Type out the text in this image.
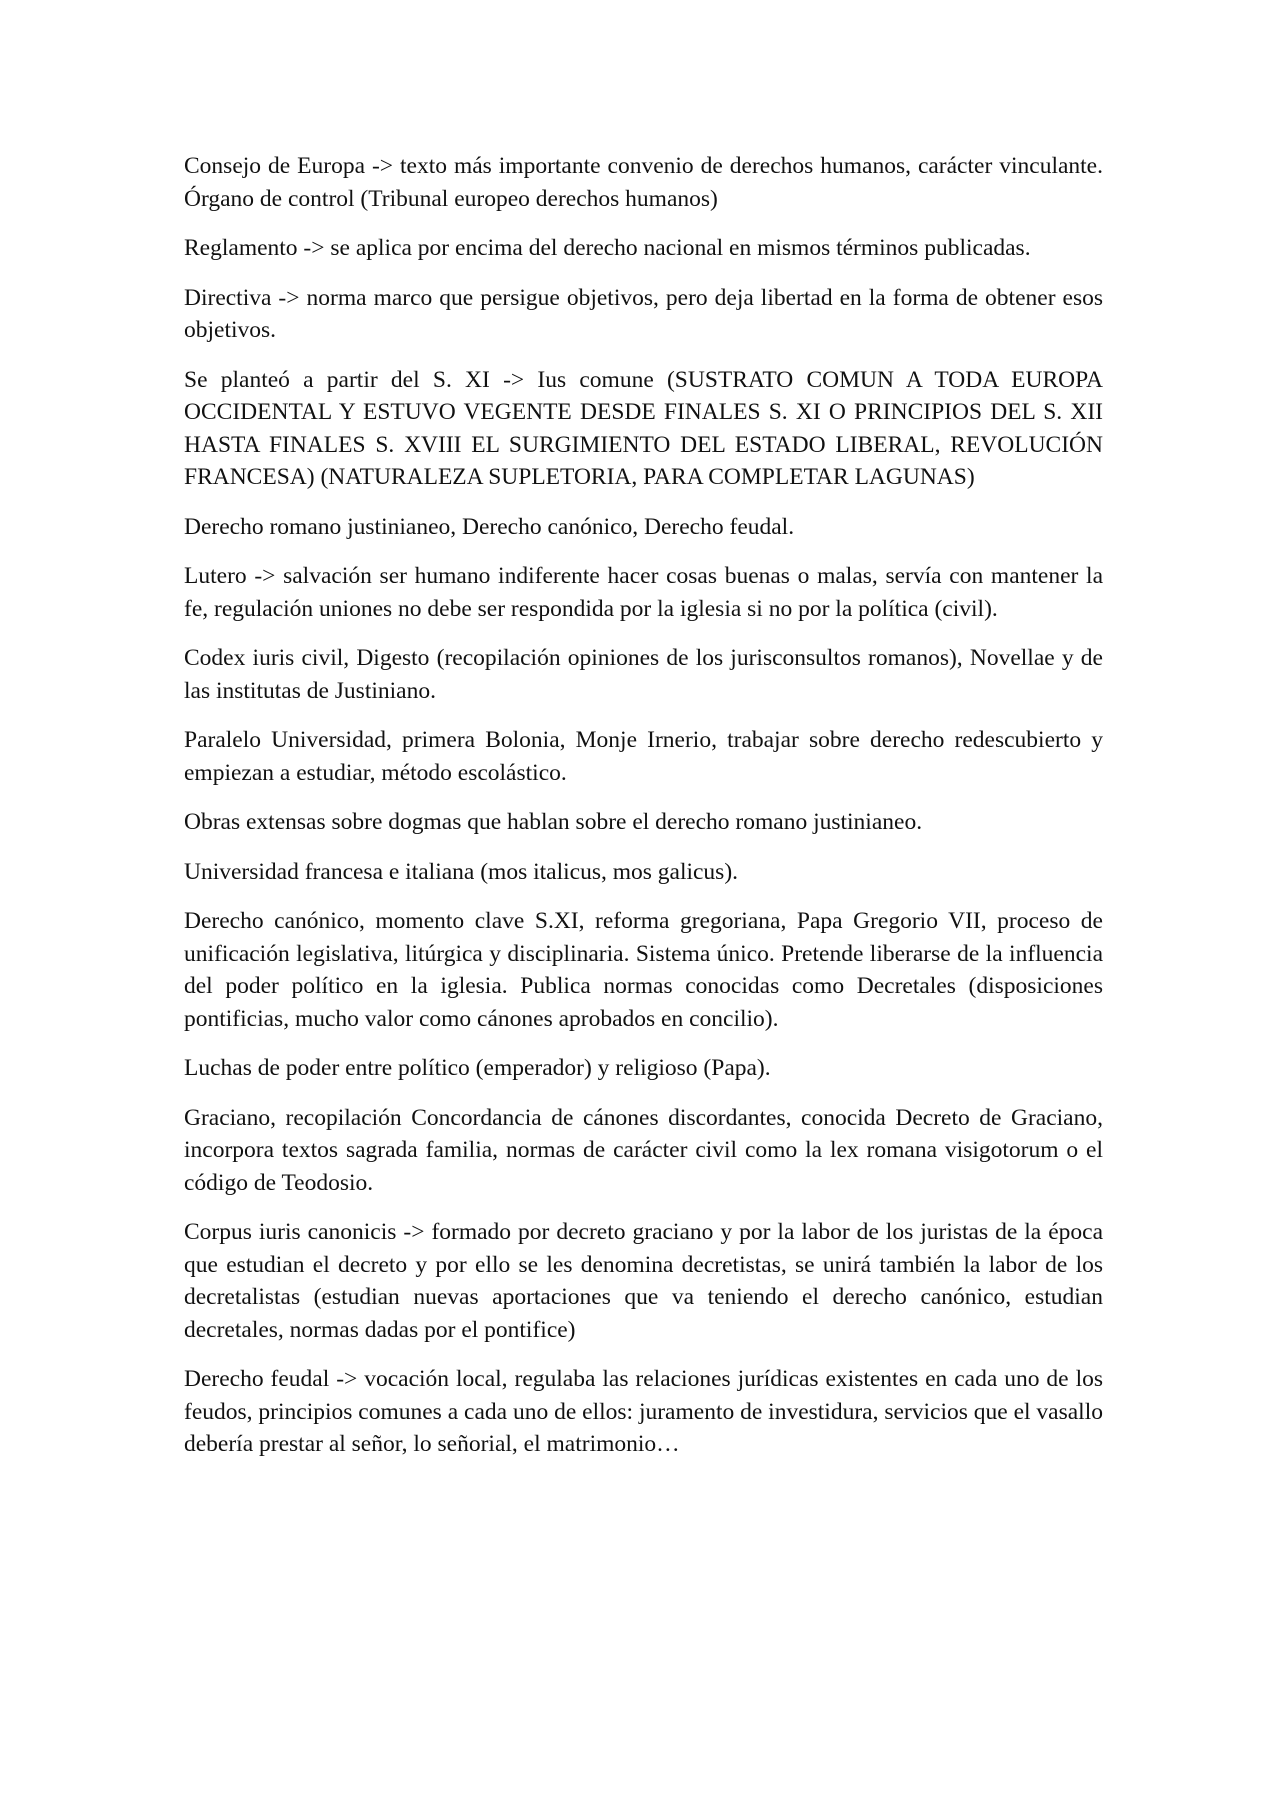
Consejo de Europa -> texto más importante convenio de derechos humanos, carácter vinculante. Órgano de control (Tribunal europeo derechos humanos)

Reglamento -> se aplica por encima del derecho nacional en mismos términos publicadas.

Directiva -> norma marco que persigue objetivos, pero deja libertad en la forma de obtener esos objetivos.

Se planteó a partir del S. XI -> Ius comune (SUSTRATO COMUN A TODA EUROPA OCCIDENTAL Y ESTUVO VEGENTE DESDE FINALES S. XI O PRINCIPIOS DEL S. XII HASTA FINALES S. XVIII EL SURGIMIENTO DEL ESTADO LIBERAL, REVOLUCIÓN FRANCESA) (NATURALEZA SUPLETORIA, PARA COMPLETAR LAGUNAS)

Derecho romano justinianeo, Derecho canónico, Derecho feudal.

Lutero -> salvación ser humano indiferente hacer cosas buenas o malas, servía con mantener la fe, regulación uniones no debe ser respondida por la iglesia si no por la política (civil).

Codex iuris civil, Digesto (recopilación opiniones de los jurisconsultos romanos), Novellae y de las institutas de Justiniano.

Paralelo Universidad, primera Bolonia, Monje Irnerio, trabajar sobre derecho redescubierto y empiezan a estudiar, método escolástico.

Obras extensas sobre dogmas que hablan sobre el derecho romano justinianeo.

Universidad francesa e italiana (mos italicus, mos galicus).

Derecho canónico, momento clave S.XI, reforma gregoriana, Papa Gregorio VII, proceso de unificación legislativa, litúrgica y disciplinaria. Sistema único. Pretende liberarse de la influencia del poder político en la iglesia. Publica normas conocidas como Decretales (disposiciones pontificias, mucho valor como cánones aprobados en concilio).

Luchas de poder entre político (emperador) y religioso (Papa).

Graciano, recopilación Concordancia de cánones discordantes, conocida Decreto de Graciano, incorpora textos sagrada familia, normas de carácter civil como la lex romana visigotorum o el código de Teodosio.

Corpus iuris canonicis -> formado por decreto graciano y por la labor de los juristas de la época que estudian el decreto y por ello se les denomina decretistas, se unirá también la labor de los decretalistas (estudian nuevas aportaciones que va teniendo el derecho canónico, estudian decretales, normas dadas por el pontifice)

Derecho feudal -> vocación local, regulaba las relaciones jurídicas existentes en cada uno de los feudos, principios comunes a cada uno de ellos: juramento de investidura, servicios que el vasallo debería prestar al señor, lo señorial, el matrimonio…
